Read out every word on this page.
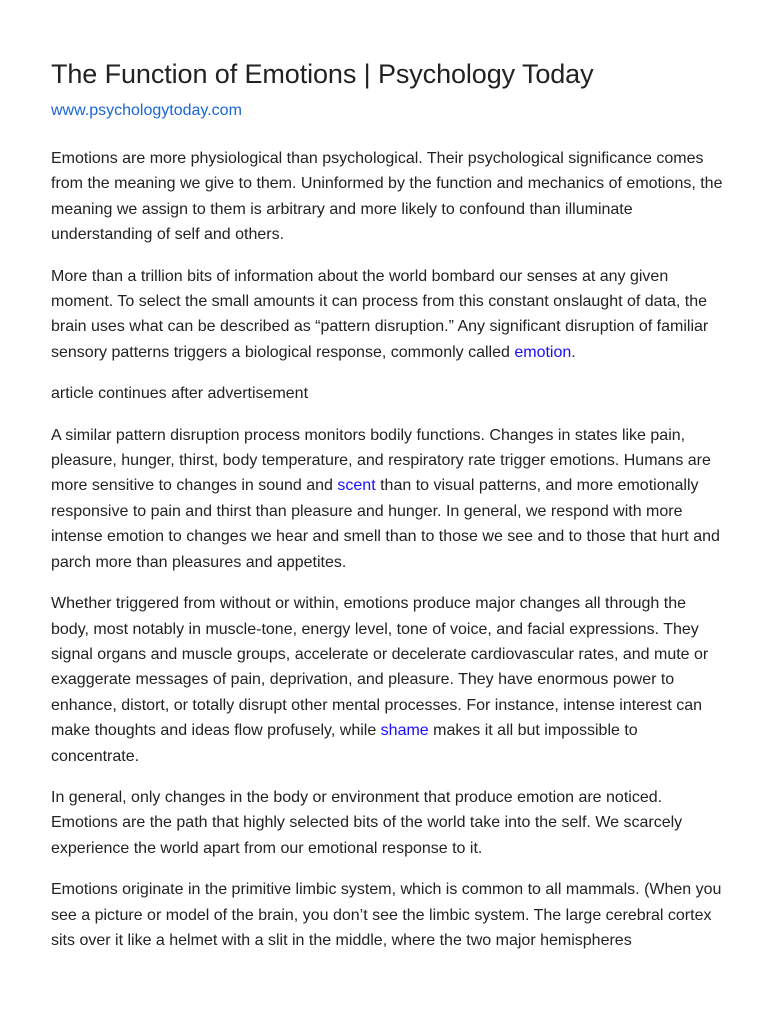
The Function of Emotions | Psychology Today
www.psychologytoday.com

Emotions are more physiological than psychological. Their psychological significance comes from the meaning we give to them. Uninformed by the function and mechanics of emotions, the meaning we assign to them is arbitrary and more likely to confound than illuminate understanding of self and others.

More than a trillion bits of information about the world bombard our senses at any given moment. To select the small amounts it can process from this constant onslaught of data, the brain uses what can be described as “pattern disruption.” Any significant disruption of familiar sensory patterns triggers a biological response, commonly called emotion.

article continues after advertisement

A similar pattern disruption process monitors bodily functions. Changes in states like pain, pleasure, hunger, thirst, body temperature, and respiratory rate trigger emotions. Humans are more sensitive to changes in sound and scent than to visual patterns, and more emotionally responsive to pain and thirst than pleasure and hunger. In general, we respond with more intense emotion to changes we hear and smell than to those we see and to those that hurt and parch more than pleasures and appetites.

Whether triggered from without or within, emotions produce major changes all through the body, most notably in muscle-tone, energy level, tone of voice, and facial expressions. They signal organs and muscle groups, accelerate or decelerate cardiovascular rates, and mute or exaggerate messages of pain, deprivation, and pleasure. They have enormous power to enhance, distort, or totally disrupt other mental processes. For instance, intense interest can make thoughts and ideas flow profusely, while shame makes it all but impossible to concentrate.

In general, only changes in the body or environment that produce emotion are noticed. Emotions are the path that highly selected bits of the world take into the self. We scarcely experience the world apart from our emotional response to it.

Emotions originate in the primitive limbic system, which is common to all mammals. (When you see a picture or model of the brain, you don’t see the limbic system. The large cerebral cortex sits over it like a helmet with a slit in the middle, where the two major hemispheres
